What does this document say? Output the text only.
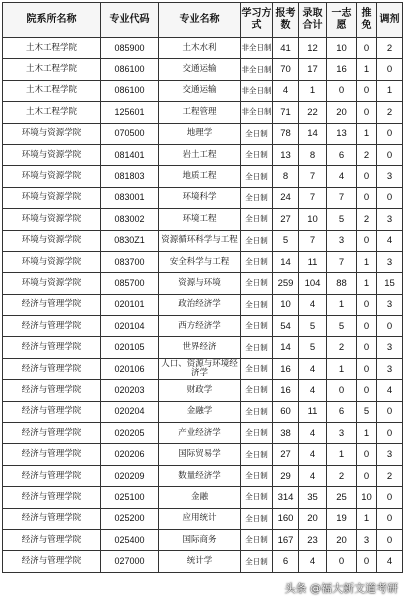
院系所名称	专业代码	专业名称	学习方式	报考数	录取合计	一志愿	推免	调剂
土木工程学院	085900	土木水利	非全日制	41	12	10	0	2
土木工程学院	086100	交通运输	非全日制	70	17	16	1	0
土木工程学院	086100	交通运输	非全日制	4	1	0	0	1
土木工程学院	125601	工程管理	非全日制	71	22	20	0	2
环境与资源学院	070500	地理学	全日制	78	14	13	1	0
环境与资源学院	081401	岩土工程	全日制	13	8	6	2	0
环境与资源学院	081803	地质工程	全日制	8	7	4	0	3
环境与资源学院	083001	环境科学	全日制	24	7	7	0	0
环境与资源学院	083002	环境工程	全日制	27	10	5	2	3
环境与资源学院	0830Z1	资源循环科学与工程	全日制	5	7	3	0	4
环境与资源学院	083700	安全科学与工程	全日制	14	11	7	1	3
环境与资源学院	085700	资源与环境	全日制	259	104	88	1	15
经济与管理学院	020101	政治经济学	全日制	10	4	1	0	3
经济与管理学院	020104	西方经济学	全日制	54	5	5	0	0
经济与管理学院	020105	世界经济	全日制	14	5	2	0	3
经济与管理学院	020106	人口、资源与环境经济学	全日制	16	4	1	0	3
经济与管理学院	020203	财政学	全日制	16	4	0	0	4
经济与管理学院	020204	金融学	全日制	60	11	6	5	0
经济与管理学院	020205	产业经济学	全日制	38	4	3	1	0
经济与管理学院	020206	国际贸易学	全日制	27	4	1	0	3
经济与管理学院	020209	数量经济学	全日制	29	4	2	0	2
经济与管理学院	025100	金融	全日制	314	35	25	10	0
经济与管理学院	025200	应用统计	全日制	160	20	19	1	0
经济与管理学院	025400	国际商务	全日制	167	23	20	3	0
经济与管理学院	027000	统计学	全日制	6	4	0	0	4
头条 @福大新文道考研
